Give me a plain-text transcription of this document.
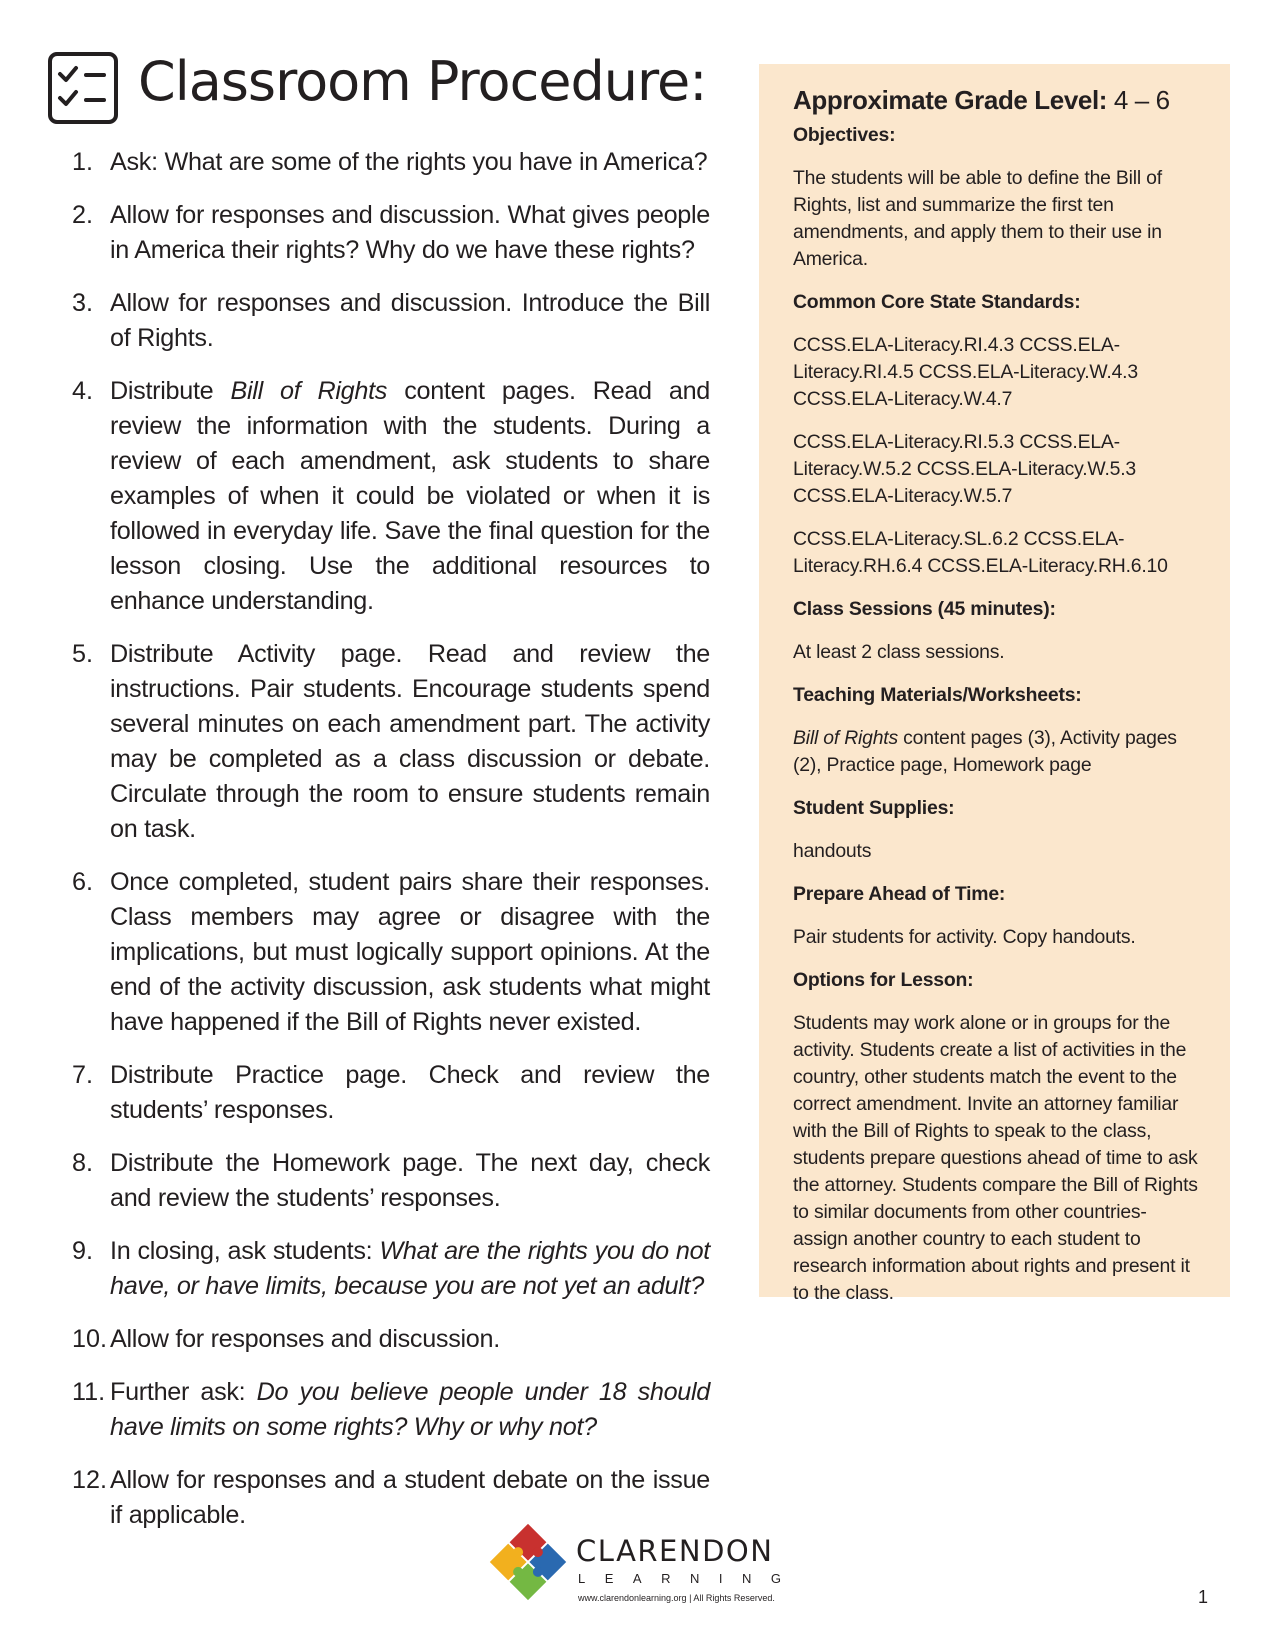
Classroom Procedure:
1. Ask: What are some of the rights you have in America?
2. Allow for responses and discussion. What gives people in America their rights? Why do we have these rights?
3. Allow for responses and discussion. Introduce the Bill of Rights.
4. Distribute Bill of Rights content pages. Read and review the information with the students. During a review of each amendment, ask students to share examples of when it could be violated or when it is followed in everyday life. Save the final question for the lesson closing. Use the additional resources to enhance understanding.
5. Distribute Activity page. Read and review the instructions. Pair students. Encourage students spend several minutes on each amendment part. The activity may be completed as a class discussion or debate. Circulate through the room to ensure students remain on task.
6. Once completed, student pairs share their responses. Class members may agree or disagree with the implications, but must logically support opinions. At the end of the activity discussion, ask students what might have happened if the Bill of Rights never existed.
7. Distribute Practice page. Check and review the students’ responses.
8. Distribute the Homework page. The next day, check and review the students’ responses.
9. In closing, ask students: What are the rights you do not have, or have limits, because you are not yet an adult?
10. Allow for responses and discussion.
11. Further ask: Do you believe people under 18 should have limits on some rights? Why or why not?
12. Allow for responses and a student debate on the issue if applicable.

Approximate Grade Level: 4 – 6

Objectives:

The students will be able to define the Bill of Rights, list and summarize the first ten amendments, and apply them to their use in America.

Common Core State Standards:

CCSS.ELA-Literacy.RI.4.3 CCSS.ELA-Literacy.RI.4.5 CCSS.ELA-Literacy.W.4.3 CCSS.ELA-Literacy.W.4.7

CCSS.ELA-Literacy.RI.5.3 CCSS.ELA-Literacy.W.5.2 CCSS.ELA-Literacy.W.5.3 CCSS.ELA-Literacy.W.5.7

CCSS.ELA-Literacy.SL.6.2 CCSS.ELA-Literacy.RH.6.4 CCSS.ELA-Literacy.RH.6.10

Class Sessions (45 minutes):

At least 2 class sessions.

Teaching Materials/Worksheets:

Bill of Rights content pages (3), Activity pages (2), Practice page, Homework page

Student Supplies:

handouts

Prepare Ahead of Time:

Pair students for activity. Copy handouts.

Options for Lesson:

Students may work alone or in groups for the activity. Students create a list of activities in the country, other students match the event to the correct amendment. Invite an attorney familiar with the Bill of Rights to speak to the class, students prepare questions ahead of time to ask the attorney. Students compare the Bill of Rights to similar documents from other countries- assign another country to each student to research information about rights and present it to the class.

CLARENDON
LEARNING
www.clarendonlearning.org | All Rights Reserved.	1
